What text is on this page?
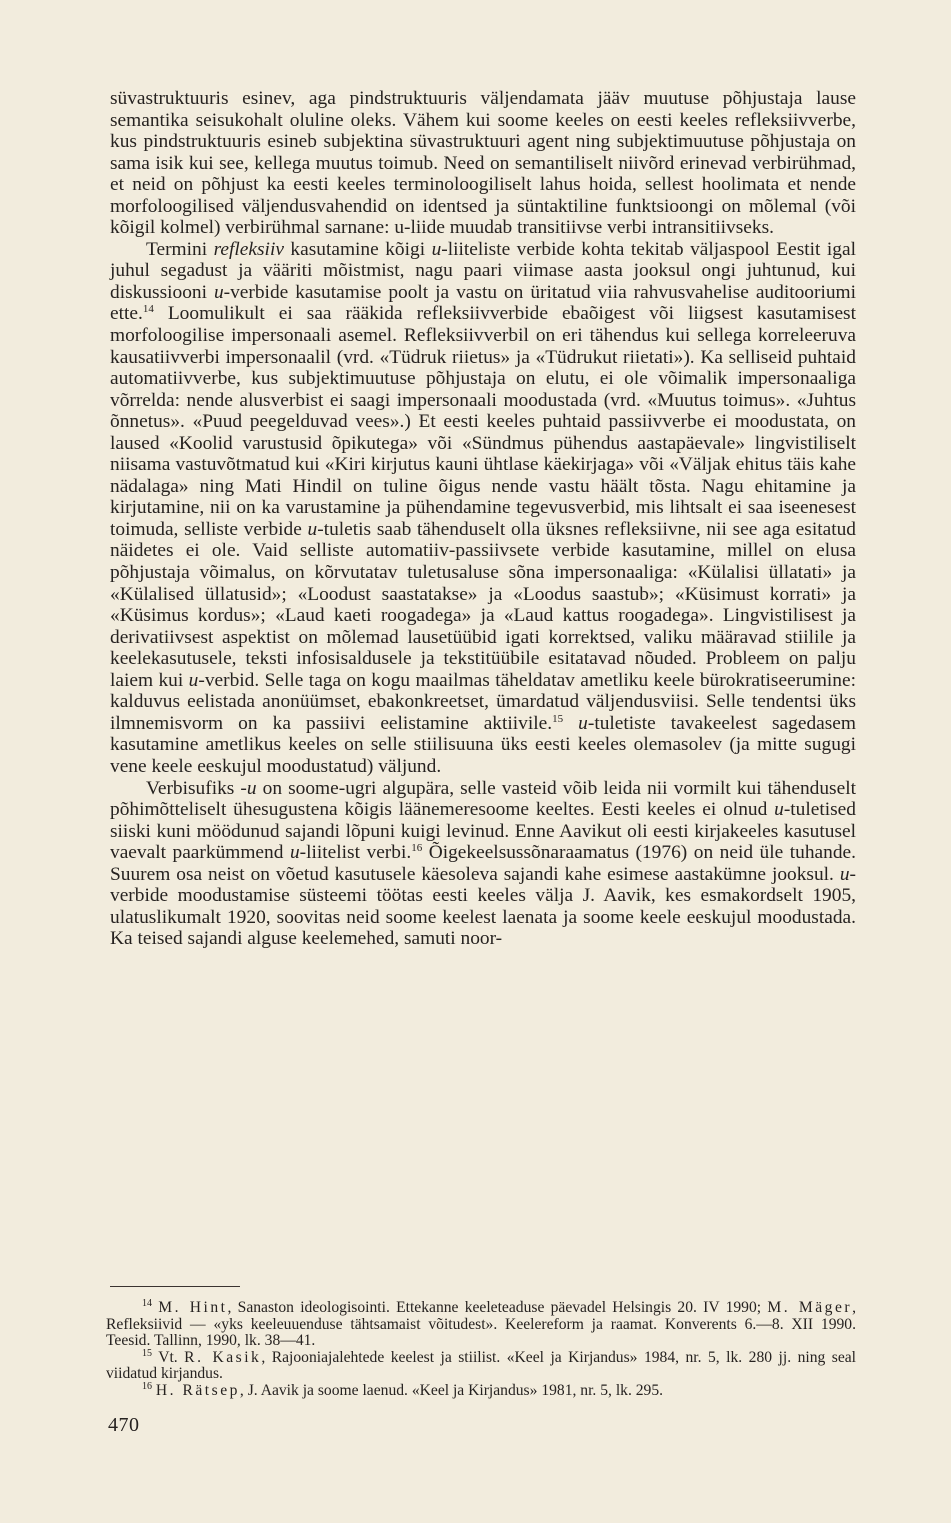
süvastruktuuris esinev, aga pindstruktuuris väljendamata jääv muutuse põhjustaja lause semantika seisukohalt oluline oleks. Vähem kui soome keeles on eesti keeles refleksiivverbe, kus pindstruktuuris esineb subjektina süvastruktuuri agent ning subjektimuutuse põhjustaja on sama isik kui see, kellega muutus toimub. Need on semantiliselt niivõrd erinevad verbirühmad, et neid on põhjust ka eesti keeles terminoloogiliselt lahus hoida, sellest hoolimata et nende morfoloogilised väljendusvahendid on identsed ja süntaktiline funktsioongi on mõlemal (või kõigil kolmel) verbirühmal sarnane: u-liide muudab transitiivse verbi intransitiivseks.

Termini refleksiiv kasutamine kõigi u-liiteliste verbide kohta tekitab väljaspool Eestit igal juhul segadust ja vääriti mõistmist, nagu paari viimase aasta jooksul ongi juhtunud, kui diskussiooni u-verbide kasutamise poolt ja vastu on üritatud viia rahvusvahelise auditooriumi ette.$^{14}$ Loomulikult ei saa rääkida refleksiivverbide ebaõigest või liigsest kasutamisest morfoloogilise impersonaali asemel. Refleksiivverbil on eri tähendus kui sellega korreleeruva kausatiivverbi impersonaalil (vrd. «Tüdruk riietus» ja «Tüdrukut riietati»). Ka selliseid puhtaid automatiivverbe, kus subjektimuutuse põhjustaja on elutu, ei ole võimalik impersonaaliga võrrelda: nende alusverbist ei saagi impersonaali moodustada (vrd. «Muutus toimus». «Juhtus õnnetus». «Puud peegelduvad vees».) Et eesti keeles puhtaid passiivverbe ei moodustata, on laused «Koolid varustusid õpikutega» või «Sündmus pühendus aastapäevale» lingvistiliselt niisama vastuvõtmatud kui «Kiri kirjutus kauni ühtlase käekirjaga» või «Väljak ehitus täis kahe nädalaga» ning Mati Hindil on tuline õigus nende vastu häält tõsta. Nagu ehitamine ja kirjutamine, nii on ka varustamine ja pühendamine tegevusverbid, mis lihtsalt ei saa iseenesest toimuda, selliste verbide u-tuletis saab tähenduselt olla üksnes refleksiivne, nii see aga esitatud näidetes ei ole. Vaid selliste automatiiv-passiivsete verbide kasutamine, millel on elusa põhjustaja võimalus, on kõrvutatav tuletusaluse sõna impersonaaliga: «Külalisi üllatati» ja «Külalised üllatusid»; «Loodust saastatakse» ja «Loodus saastub»; «Küsimust korrati» ja «Küsimus kordus»; «Laud kaeti roogadega» ja «Laud kattus roogadega». Lingvistilisest ja derivatiivsest aspektist on mõlemad lausetüübid igati korrektsed, valiku määravad stiilile ja keelekasutusele, teksti infosisaldusele ja tekstitüübile esitatavad nõuded. Probleem on palju laiem kui u-verbid. Selle taga on kogu maailmas täheldatav ametliku keele bürokratiseerumine: kalduvus eelistada anonüümset, ebakonkreetset, ümardatud väljendusviisi. Selle tendentsi üks ilmnemisvorm on ka passiivi eelistamine aktiivile.$^{15}$ u-tuletiste tavakeelest sagedasem kasutamine ametlikus keeles on selle stiilisuuna üks eesti keeles olemasolev (ja mitte sugugi vene keele eeskujul moodustatud) väljund.

Verbisufiks -u on soome-ugri algupära, selle vasteid võib leida nii vormilt kui tähenduselt põhimõtteliselt ühesugustena kõigis läänemeresoome keeltes. Eesti keeles ei olnud u-tuletised siiski kuni möödunud sajandi lõpuni kuigi levinud. Enne Aavikut oli eesti kirjakeeles kasutusel vaevalt paarkümmend u-liitelist verbi.$^{16}$ Õigekeelsussõnaraamatus (1976) on neid üle tuhande. Suurem osa neist on võetud kasutusele käesoleva sajandi kahe esimese aastakümne jooksul. u-verbide moodustamise süsteemi töötas eesti keeles välja J. Aavik, kes esmakordselt 1905, ulatuslikumalt 1920, soovitas neid soome keelest laenata ja soome keele eeskujul moodustada. Ka teised sajandi alguse keelemehed, samuti noor-

$^{14}$ M. Hint, Sanaston ideologisointi. Ettekanne keeleteaduse päevadel Helsingis 20. IV 1990; M. Mäger, Refleksiivid — «yks keeleuuenduse tähtsamaist võitudest». Keelereform ja raamat. Konverents 6.—8. XII 1990. Teesid. Tallinn, 1990, lk. 38—41.

$^{15}$ Vt. R. Kasik, Rajooniajalehtede keelest ja stiilist. «Keel ja Kirjandus» 1984, nr. 5, lk. 280 jj. ning seal viidatud kirjandus.

$^{16}$ H. Rätsep, J. Aavik ja soome laenud. «Keel ja Kirjandus» 1981, nr. 5, lk. 295.

470
